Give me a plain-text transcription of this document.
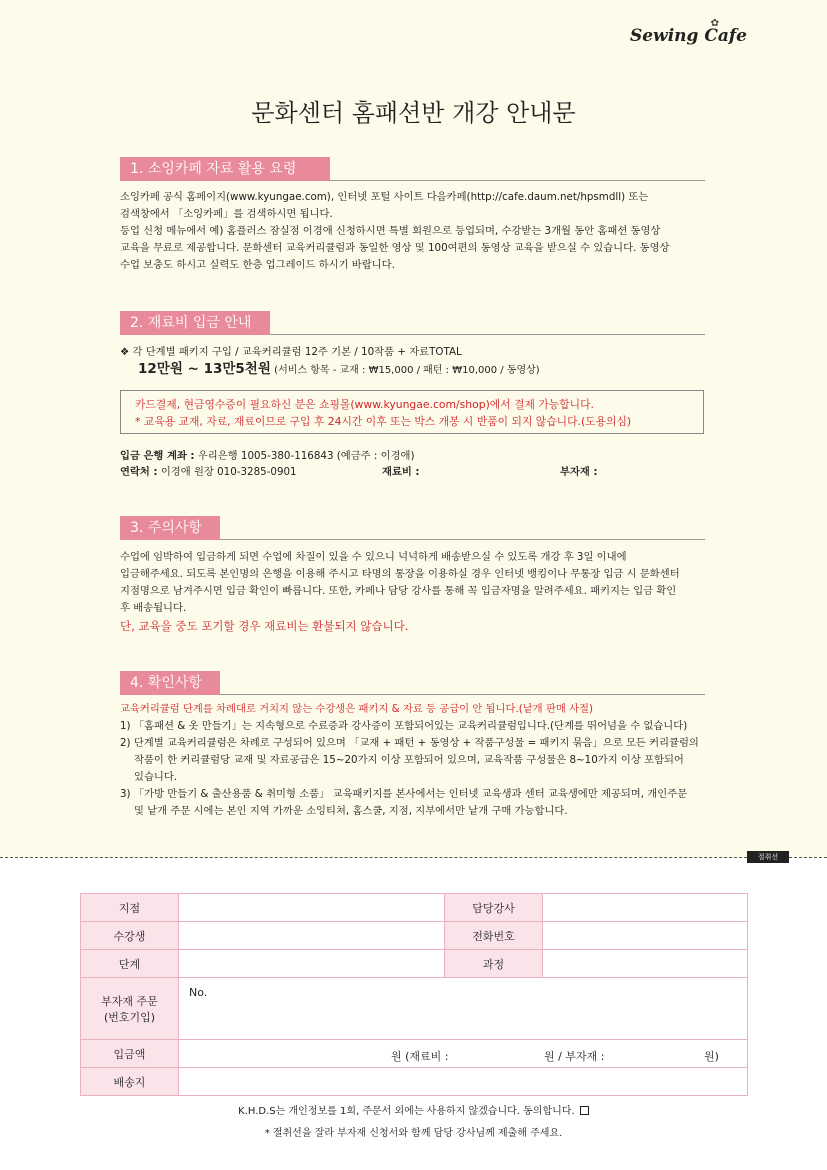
✿
Sewing Cafe
문화센터 홈패션반 개강 안내문
1. 소잉카페 자료 활용 요령
소잉카페 공식 홈페이지(www.kyungae.com), 인터넷 포털 사이트 다음카페(http://cafe.daum.net/hpsmdll) 또는
검색창에서 「소잉카페」를 검색하시면 됩니다.
등업 신청 메뉴에서 예) 홈플러스 잠실점 이경애 신청하시면 특별 회원으로 등업되며, 수강받는 3개월 동안 홈패션 동영상
교육을 무료로 제공합니다. 문화센터 교육커리큘럼과 동일한 영상 및 100여편의 동영상 교육을 받으실 수 있습니다. 동영상
수업 보충도 하시고 실력도 한층 업그레이드 하시기 바랍니다.
2. 재료비 입금 안내
❖ 각 단계별 패키지 구입 / 교육커리큘럼 12주 기본 / 10작품 + 자료TOTAL
12만원 ~ 13만5천원 (서비스 항목 - 교재 : ₩15,000 / 패턴 : ₩10,000 / 동영상)
카드결제, 현금영수증이 필요하신 분은 쇼핑몰(www.kyungae.com/shop)에서 결제 가능합니다.
* 교육용 교재, 자료, 재료이므로 구입 후 24시간 이후 또는 박스 개봉 시 반품이 되지 않습니다.(도용의심)
입금 은행 계좌 : 우리은행 1005-380-116843 (예금주 : 이경애)
연락처 : 이경애 원장 010-3285-0901	재료비 :	부자재 :
3. 주의사항
수업에 임박하여 입금하게 되면 수업에 차질이 있을 수 있으니 넉넉하게 배송받으실 수 있도록 개강 후 3일 이내에
입금해주세요. 되도록 본인명의 은행을 이용해 주시고 타명의 통장을 이용하실 경우 인터넷 뱅킹이나 무통장 입금 시 문화센터
지점명으로 남겨주시면 입금 확인이 빠릅니다. 또한, 카페나 담당 강사를 통해 꼭 입금자명을 알려주세요. 패키지는 입금 확인
후 배송됩니다.
단, 교육을 중도 포기할 경우 재료비는 환불되지 않습니다.
4. 확인사항
교육커리큘럼 단계를 차례대로 거치지 않는 수강생은 패키지 & 자료 등 공급이 안 됩니다.(낱개 판매 사절)
1) 「홈패션 & 옷 만들기」는 지속형으로 수료증과 강사증이 포함되어있는 교육커리큘럼입니다.(단계를 뛰어넘을 수 없습니다)
2) 단계별 교육커리큘럼은 차례로 구성되어 있으며 「교재 + 패턴 + 동영상 + 작품구성물 = 패키지 묶음」으로 모든 커리큘럼의
작품이 한 커리큘럼당 교재 및 자료공급은 15~20가지 이상 포함되어 있으며, 교육작품 구성물은 8~10가지 이상 포함되어
있습니다.
3) 「가방 만들기 & 출산용품 & 취미형 소품」 교육패키지를 본사에서는 인터넷 교육생과 센터 교육생에만 제공되며, 개인주문
및 낱개 주문 시에는 본인 지역 가까운 소잉티쳐, 홈스쿨, 지점, 지부에서만 낱개 구매 가능합니다.
절취선
지점		담당강사	
수강생		전화번호	
단계		과정	

부자재 주문
(번호기입)	No.		
입금액	원 (재료비 : 원 / 부자재 : 원)		

배송지			
K.H.D.S는 개인정보를 1회, 주문서 외에는 사용하지 않겠습니다. 동의합니다.
* 절취선을 잘라 부자재 신청서와 함께 담당 강사님께 제출해 주세요.
